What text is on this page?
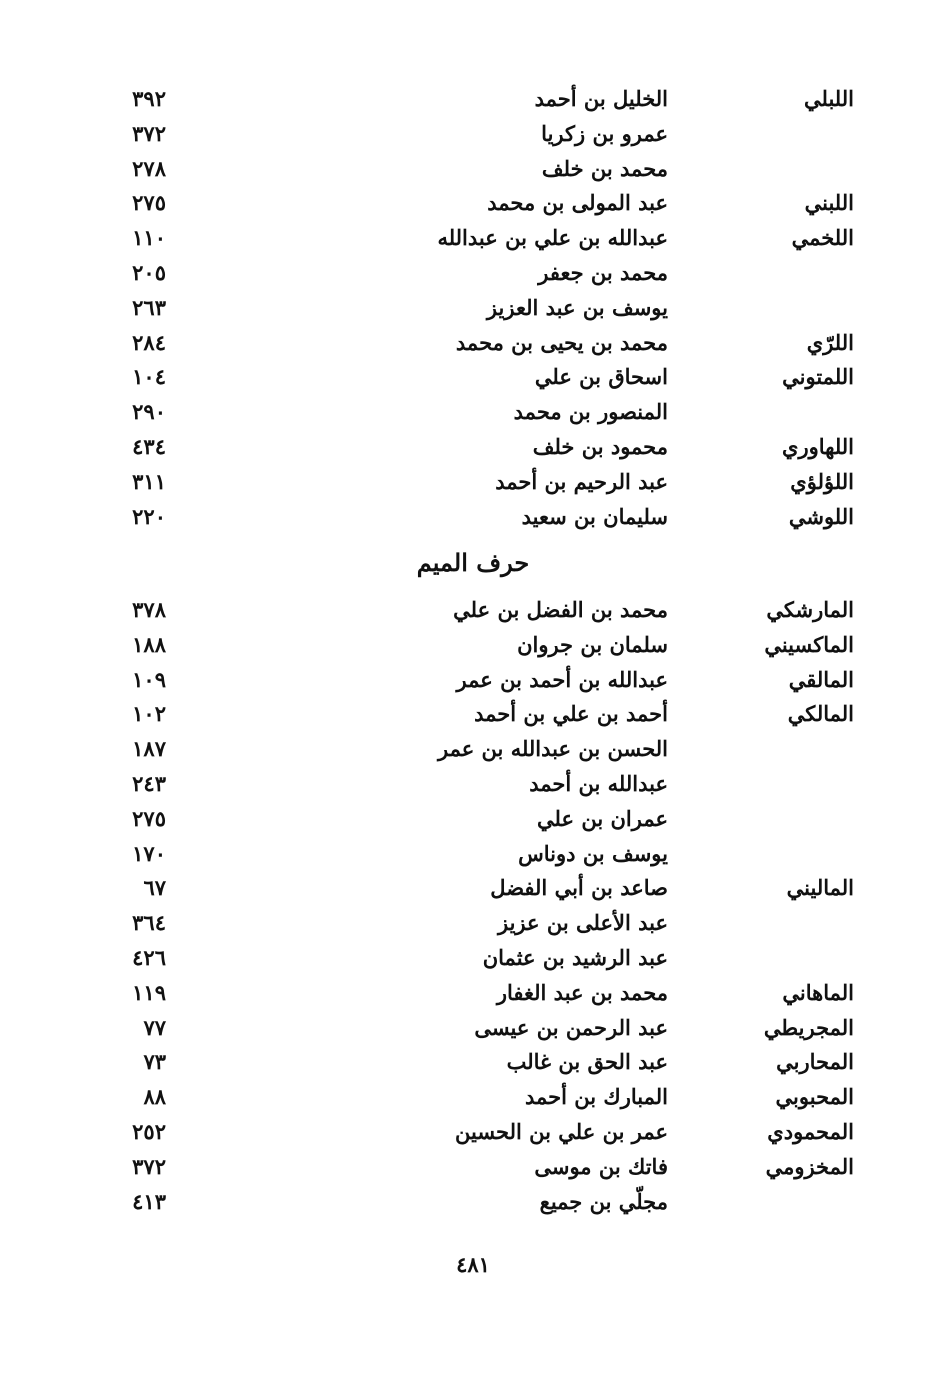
اللبلي
الخليل بن أحمد
٣٩٢
عمرو بن زكريا
٣٧٢
محمد بن خلف
٢٧٨
اللبني
عبد المولى بن محمد
٢٧٥
اللخمي
عبدالله بن علي بن عبدالله
١١٠
محمد بن جعفر
٢٠٥
يوسف بن عبد العزيز
٢٦٣
اللرّي
محمد بن يحيى بن محمد
٢٨٤
اللمتوني
اسحاق بن علي
١٠٤
المنصور بن محمد
٢٩٠
اللهاوري
محمود بن خلف
٤٣٤
اللؤلؤي
عبد الرحيم بن أحمد
٣١١
اللوشي
سليمان بن سعيد
٢٢٠
حرف الميم
المارشكي
محمد بن الفضل بن علي
٣٧٨
الماكسيني
سلمان بن جروان
١٨٨
المالقي
عبدالله بن أحمد بن عمر
١٠٩
المالكي
أحمد بن علي بن أحمد
١٠٢
الحسن بن عبدالله بن عمر
١٨٧
عبدالله بن أحمد
٢٤٣
عمران بن علي
٢٧٥
يوسف بن دوناس
١٧٠
الماليني
صاعد بن أبي الفضل
٦٧
عبد الأعلى بن عزيز
٣٦٤
عبد الرشيد بن عثمان
٤٢٦
الماهاني
محمد بن عبد الغفار
١١٩
المجريطي
عبد الرحمن بن عيسى
٧٧
المحاربي
عبد الحق بن غالب
٧٣
المحبوبي
المبارك بن أحمد
٨٨
المحمودي
عمر بن علي بن الحسين
٢٥٢
المخزومي
فاتك بن موسى
٣٧٢
مجلّي بن جميع
٤١٣
٤٨١
